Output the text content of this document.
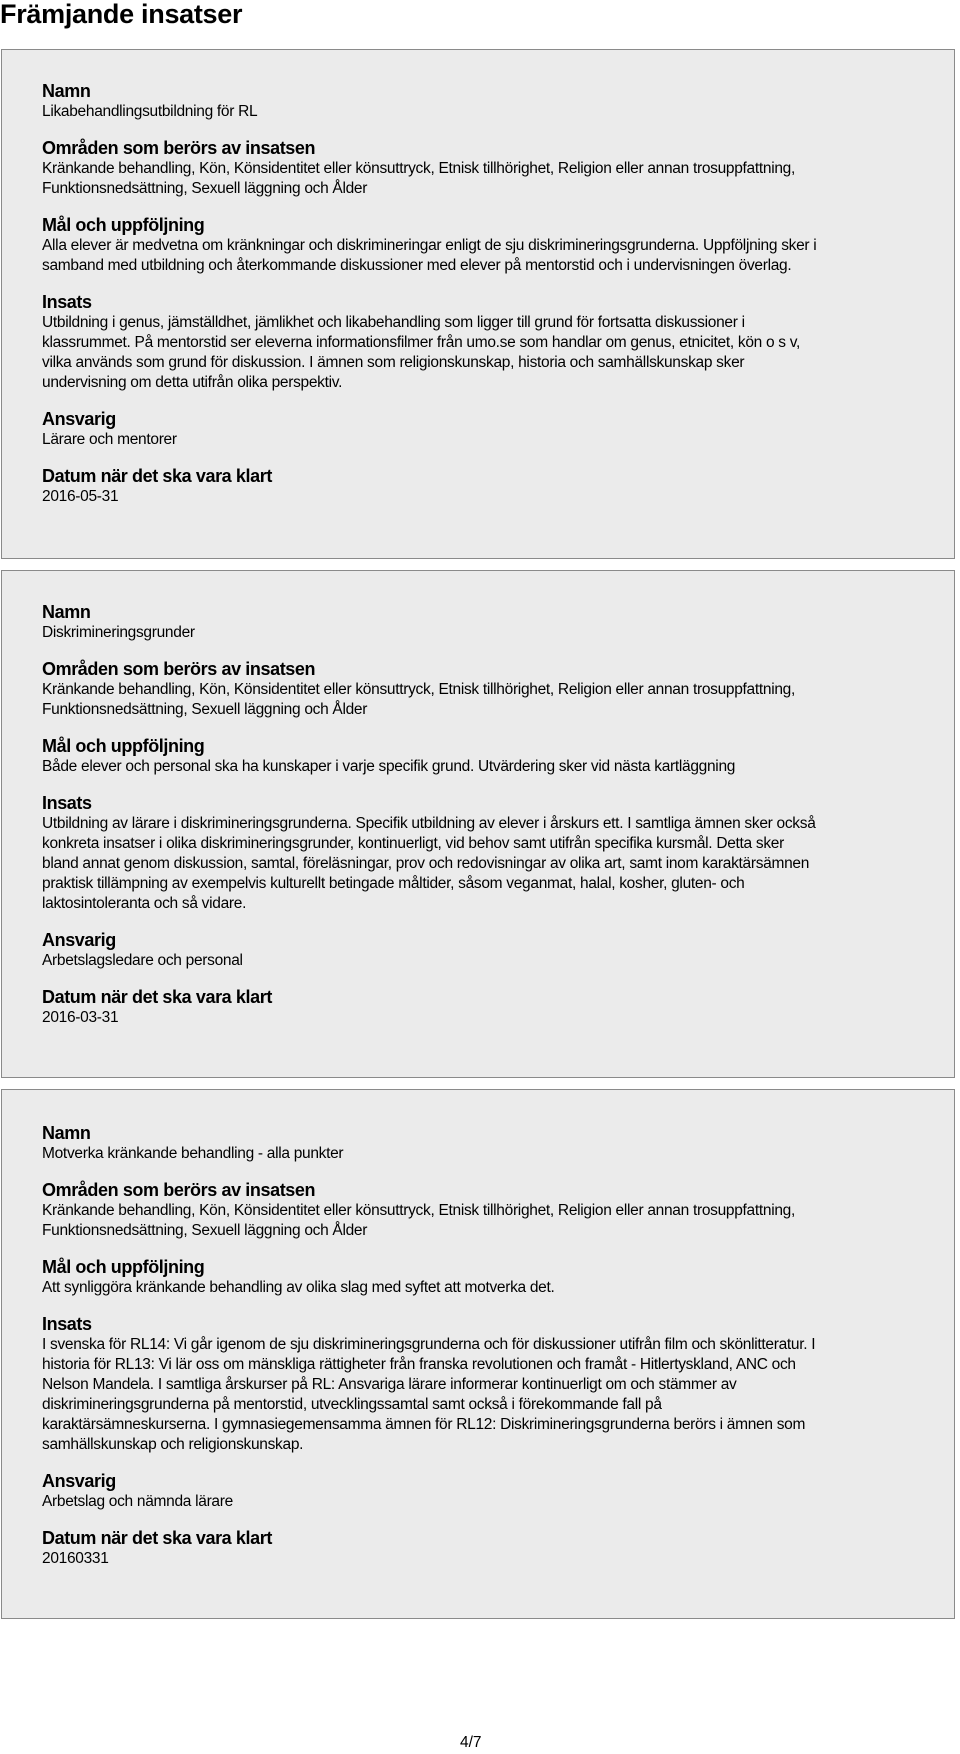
Främjande insatser
Namn

Likabehandlingsutbildning för RL

Områden som berörs av insatsen

Kränkande behandling, Kön, Könsidentitet eller könsuttryck, Etnisk tillhörighet, Religion eller annan trosuppfattning,
Funktionsnedsättning, Sexuell läggning och Ålder

Mål och uppföljning

Alla elever är medvetna om kränkningar och diskrimineringar enligt de sju diskrimineringsgrunderna. Uppföljning sker i
samband med utbildning och återkommande diskussioner med elever på mentorstid och i undervisningen överlag.

Insats

Utbildning i genus, jämställdhet, jämlikhet och likabehandling som ligger till grund för fortsatta diskussioner i
klassrummet. På mentorstid ser eleverna informationsfilmer från umo.se som handlar om genus, etnicitet, kön o s v,
vilka används som grund för diskussion. I ämnen som religionskunskap, historia och samhällskunskap sker
undervisning om detta utifrån olika perspektiv.

Ansvarig

Lärare och mentorer

Datum när det ska vara klart

2016-05-31

Namn

Diskrimineringsgrunder

Områden som berörs av insatsen

Kränkande behandling, Kön, Könsidentitet eller könsuttryck, Etnisk tillhörighet, Religion eller annan trosuppfattning,
Funktionsnedsättning, Sexuell läggning och Ålder

Mål och uppföljning

Både elever och personal ska ha kunskaper i varje specifik grund. Utvärdering sker vid nästa kartläggning

Insats

Utbildning av lärare i diskrimineringsgrunderna. Specifik utbildning av elever i årskurs ett. I samtliga ämnen sker också
konkreta insatser i olika diskrimineringsgrunder, kontinuerligt, vid behov samt utifrån specifika kursmål. Detta sker
bland annat genom diskussion, samtal, föreläsningar, prov och redovisningar av olika art, samt inom karaktärsämnen
praktisk tillämpning av exempelvis kulturellt betingade måltider, såsom veganmat, halal, kosher, gluten- och
laktosintoleranta och så vidare.

Ansvarig

Arbetslagsledare och personal

Datum när det ska vara klart

2016-03-31

Namn

Motverka kränkande behandling - alla punkter

Områden som berörs av insatsen

Kränkande behandling, Kön, Könsidentitet eller könsuttryck, Etnisk tillhörighet, Religion eller annan trosuppfattning,
Funktionsnedsättning, Sexuell läggning och Ålder

Mål och uppföljning

Att synliggöra kränkande behandling av olika slag med syftet att motverka det.

Insats

I svenska för RL14: Vi går igenom de sju diskrimineringsgrunderna och för diskussioner utifrån film och skönlitteratur. I
historia för RL13: Vi lär oss om mänskliga rättigheter från franska revolutionen och framåt - Hitlertyskland, ANC och
Nelson Mandela. I samtliga årskurser på RL: Ansvariga lärare informerar kontinuerligt om och stämmer av
diskrimineringsgrunderna på mentorstid, utvecklingssamtal samt också i förekommande fall på
karaktärsämneskurserna. I gymnasiegemensamma ämnen för RL12: Diskrimineringsgrunderna berörs i ämnen som
samhällskunskap och religionskunskap.

Ansvarig

Arbetslag och nämnda lärare

Datum när det ska vara klart

20160331

4/7
